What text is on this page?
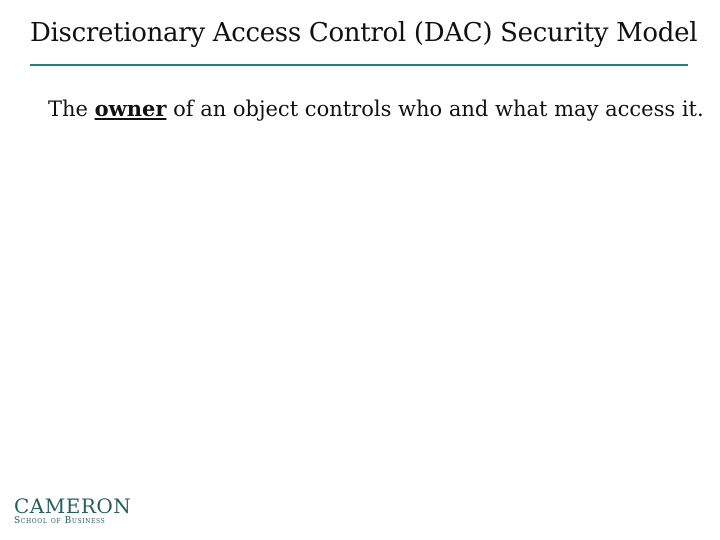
Discretionary Access Control (DAC) Security Model
The owner of an object controls who and what may access it.
CAMERON
School of Business
